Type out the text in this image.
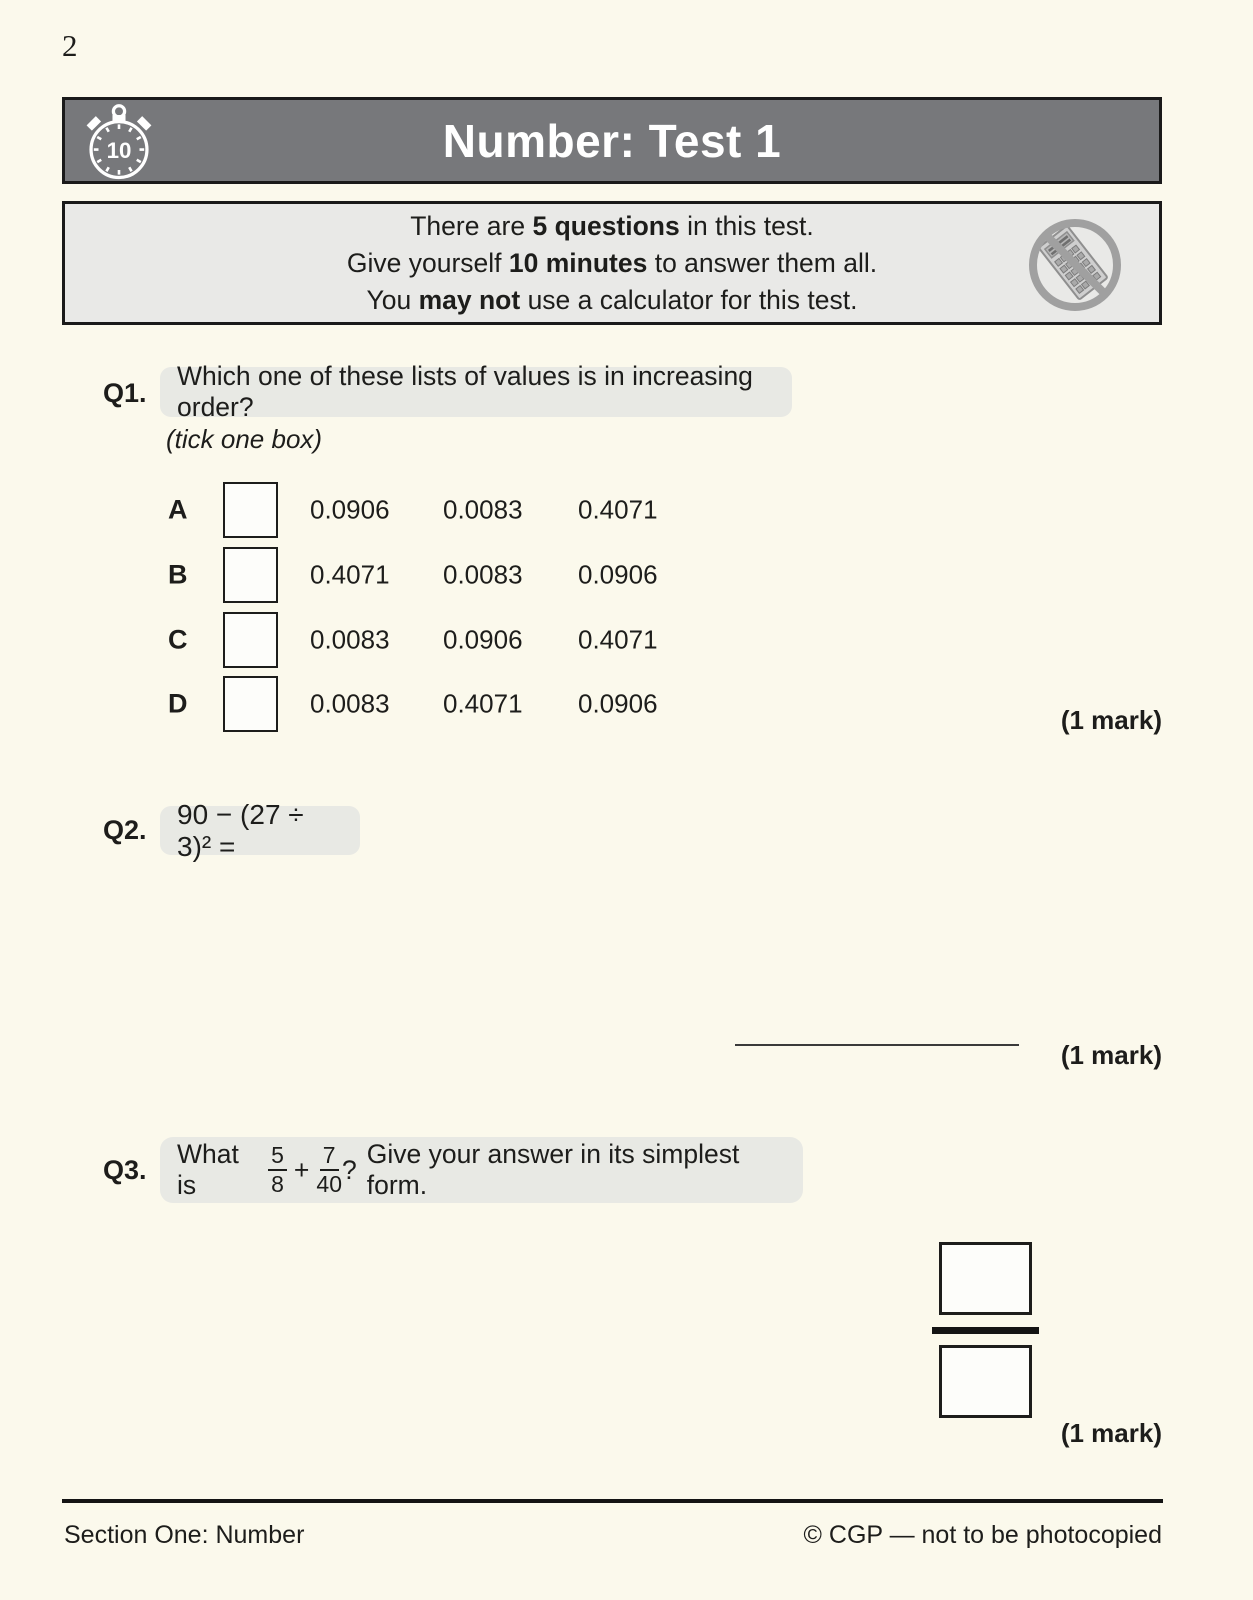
2
10	Number: Test 1
There are 5 questions in this test.
Give yourself 10 minutes to answer them all.
You may not use a calculator for this test.
Q1.
Which one of these lists of values is in increasing order?
(tick one box)
A	0.0906 0.0083 0.4071
B	0.4071 0.0083 0.0906
C	0.0083 0.0906 0.4071
D	0.0083 0.4071 0.0906
(1 mark)
Q2.
90 − (27 ÷ 3)² =
(1 mark)
Q3.
What is	$\frac{5}{8} + \frac{7}{40}$ ?
Give your answer in its simplest form.
(1 mark)
Section One: Number	© CGP — not to be photocopied
